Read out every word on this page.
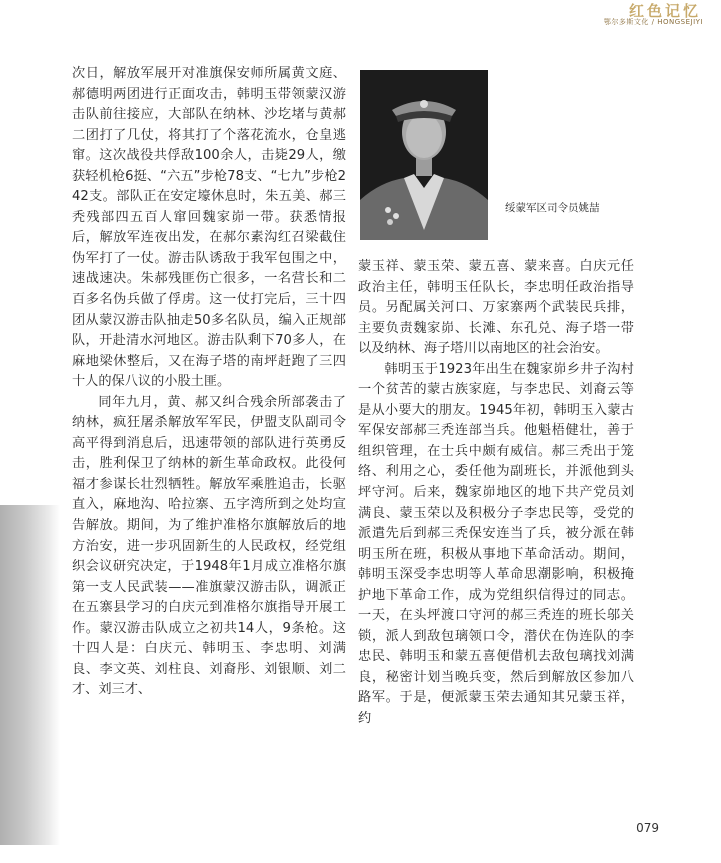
红色记忆
鄂尔多斯文化 / HONGSEJIYI

次日，解放军展开对准旗保安师所属黄文庭、郝德明两团进行正面攻击，韩明玉带领蒙汉游击队前往接应，大部队在纳林、沙圪堵与黄郝二团打了几仗，将其打了个落花流水，仓皇逃窜。这次战役共俘敌100余人，击毙29人，缴获轻机枪6挺、“六五”步枪78支、“七九”步枪242支。部队正在安定壕休息时，朱五美、郝三秃残部四五百人窜回魏家峁一带。获悉情报后，解放军连夜出发，在郝尔素沟红召梁截住伪军打了一仗。游击队诱敌于我军包围之中，速战速决。朱郝残匪伤亡很多，一名营长和二百多名伪兵做了俘虏。这一仗打完后，三十四团从蒙汉游击队抽走50多名队员，编入正规部队，开赴清水河地区。游击队剩下70多人，在麻地梁休整后，又在海子塔的南坪赶跑了三四十人的保八议的小股土匪。

同年九月，黄、郝又纠合残余所部袭击了纳林，疯狂屠杀解放军军民，伊盟支队副司令高平得到消息后，迅速带领的部队进行英勇反击，胜利保卫了纳林的新生革命政权。此役何福才参谋长壮烈牺牲。解放军乘胜追击，长驱直入，麻地沟、哈拉寨、五字湾所到之处均宣告解放。期间，为了维护准格尔旗解放后的地方治安，进一步巩固新生的人民政权，经党组织会议研究决定，于1948年1月成立准格尔旗第一支人民武装——准旗蒙汉游击队，调派正在五寨县学习的白庆元到准格尔旗指导开展工作。蒙汉游击队成立之初共14人，9条枪。这十四人是：白庆元、韩明玉、李忠明、刘满良、李文英、刘柱良、刘裔彤、刘银顺、刘二才、刘三才、

绥蒙军区司令员姚喆

蒙玉祥、蒙玉荣、蒙五喜、蒙来喜。白庆元任政治主任，韩明玉任队长，李忠明任政治指导员。另配属关河口、万家寨两个武装民兵排，主要负责魏家峁、长滩、东孔兑、海子塔一带以及纳林、海子塔川以南地区的社会治安。

韩明玉于1923年出生在魏家峁乡井子沟村一个贫苦的蒙古族家庭，与李忠民、刘裔云等是从小要大的朋友。1945年初，韩明玉入蒙古军保安部郝三秃连部当兵。他魁梧健壮，善于组织管理，在士兵中颇有威信。郝三秃出于笼络、利用之心，委任他为副班长，并派他到头坪守河。后来，魏家峁地区的地下共产党员刘满良、蒙玉荣以及积极分子李忠民等，受党的派遣先后到郝三秃保安连当了兵，被分派在韩明玉所在班，积极从事地下革命活动。期间，韩明玉深受李忠明等人革命思潮影响，积极掩护地下革命工作，成为党组织信得过的同志。一天，在头坪渡口守河的郝三秃连的班长邬关锁，派人到敌包璃领口令，潜伏在伪连队的李忠民、韩明玉和蒙五喜便借机去敌包璃找刘满良，秘密计划当晚兵变，然后到解放区参加八路军。于是，便派蒙玉荣去通知其兄蒙玉祥，约

079
